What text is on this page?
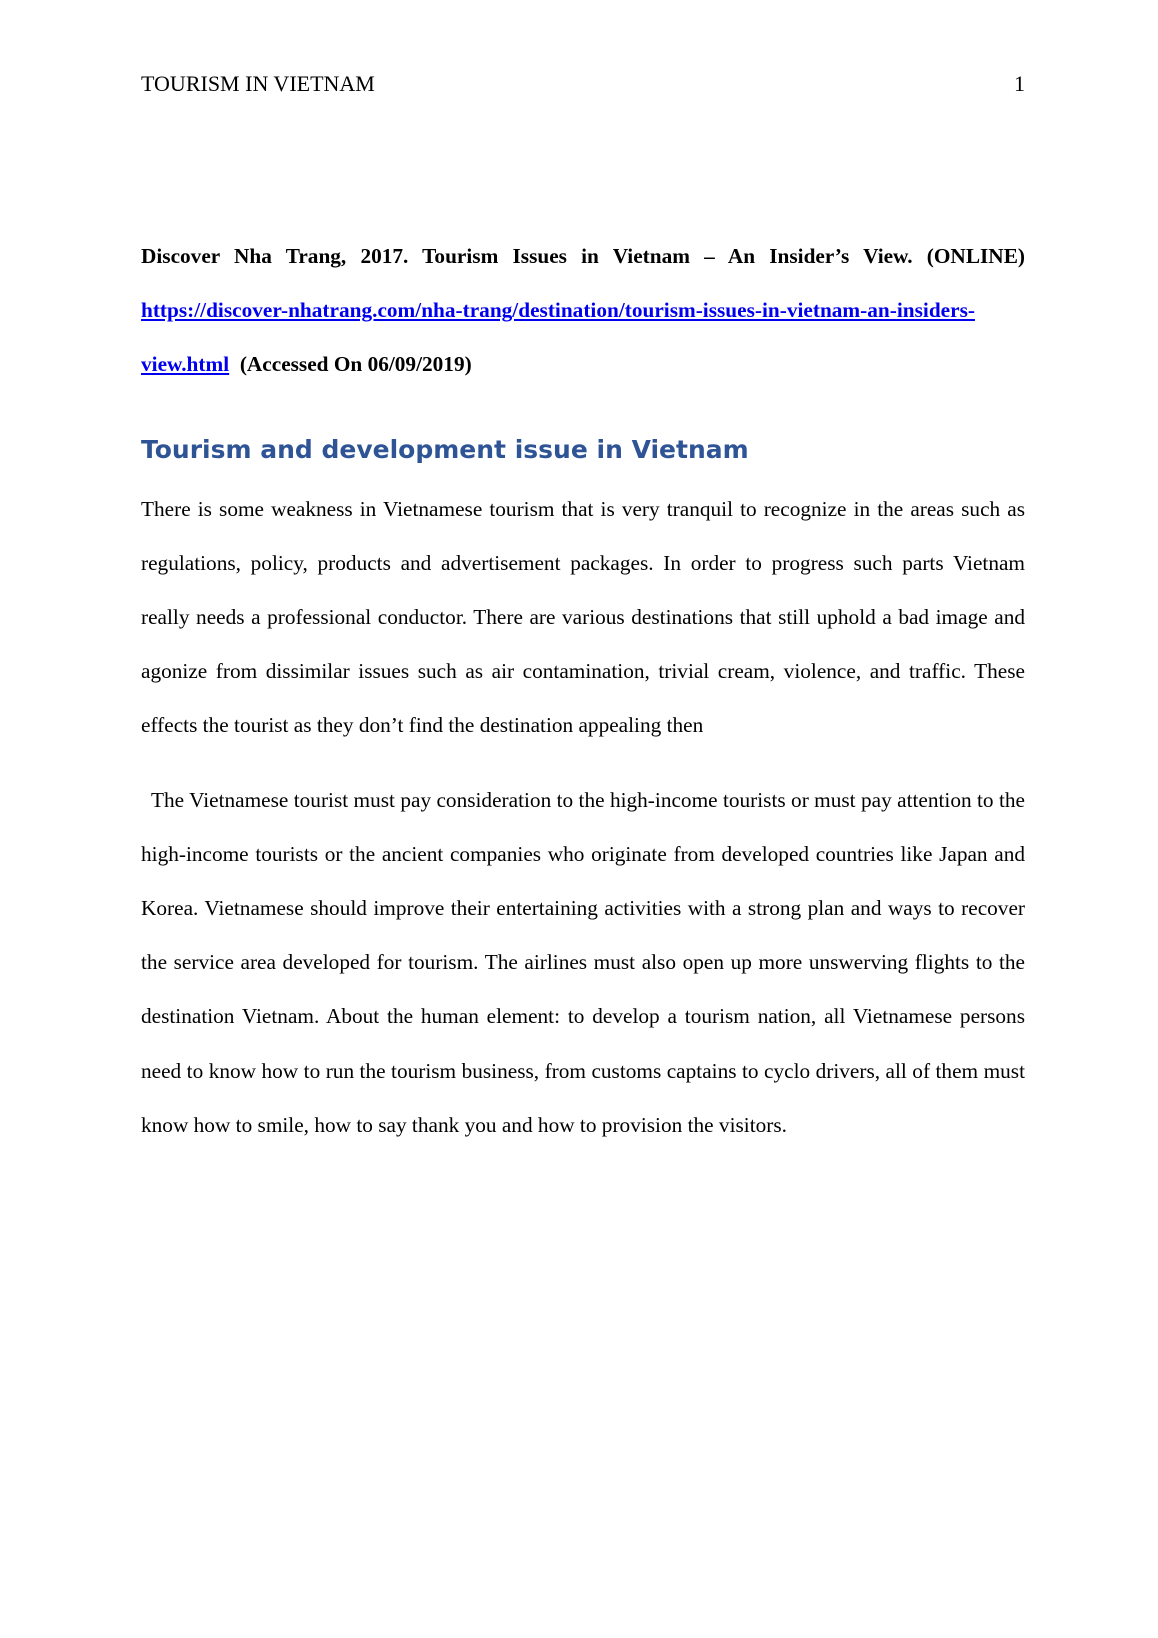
TOURISM IN VIETNAM	1

Discover Nha Trang, 2017. Tourism Issues in Vietnam – An Insider’s View. (ONLINE) https://discover-nhatrang.com/nha-trang/destination/tourism-issues-in-vietnam-an-insiders-view.html (Accessed On 06/09/2019)

Tourism and development issue in Vietnam

There is some weakness in Vietnamese tourism that is very tranquil to recognize in the areas such as regulations, policy, products and advertisement packages. In order to progress such parts Vietnam really needs a professional conductor. There are various destinations that still uphold a bad image and agonize from dissimilar issues such as air contamination, trivial cream, violence, and traffic. These effects the tourist as they don’t find the destination appealing then

The Vietnamese tourist must pay consideration to the high-income tourists or must pay attention to the high-income tourists or the ancient companies who originate from developed countries like Japan and Korea. Vietnamese should improve their entertaining activities with a strong plan and ways to recover the service area developed for tourism. The airlines must also open up more unswerving flights to the destination Vietnam. About the human element: to develop a tourism nation, all Vietnamese persons need to know how to run the tourism business, from customs captains to cyclo drivers, all of them must know how to smile, how to say thank you and how to provision the visitors.
